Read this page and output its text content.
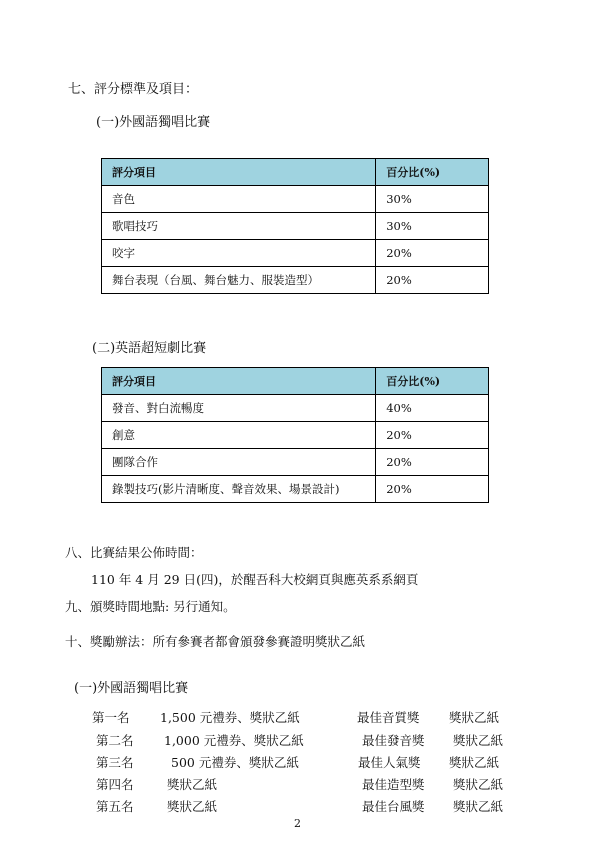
七、評分標準及項目：
(一)外國語獨唱比賽
評分項目	百分比(%)
音色	30%
歌唱技巧	30%
咬字	20%
舞台表現（台風、舞台魅力、服裝造型）	20%
(二)英語超短劇比賽
評分項目	百分比(%)
發音、對白流暢度	40%
創意	20%
團隊合作	20%
錄製技巧(影片清晰度、聲音效果、場景設計)	20%
八、比賽結果公佈時間：
110 年 4 月 29 日(四)，於醒吾科大校網頁與應英系系網頁
九、頒獎時間地點: 另行通知。
十、獎勵辦法：所有參賽者都會頒發參賽證明獎狀乙紙
(一)外國語獨唱比賽
第一名 1,500 元禮券、獎狀乙紙	最佳音質獎 獎狀乙紙
第二名 1,000 元禮券、獎狀乙紙	最佳發音獎 獎狀乙紙
第三名	500 元禮券、獎狀乙紙	最佳人氣獎 獎狀乙紙
第四名	獎狀乙紙	最佳造型獎 獎狀乙紙
第五名	獎狀乙紙	最佳台風獎 獎狀乙紙
2
